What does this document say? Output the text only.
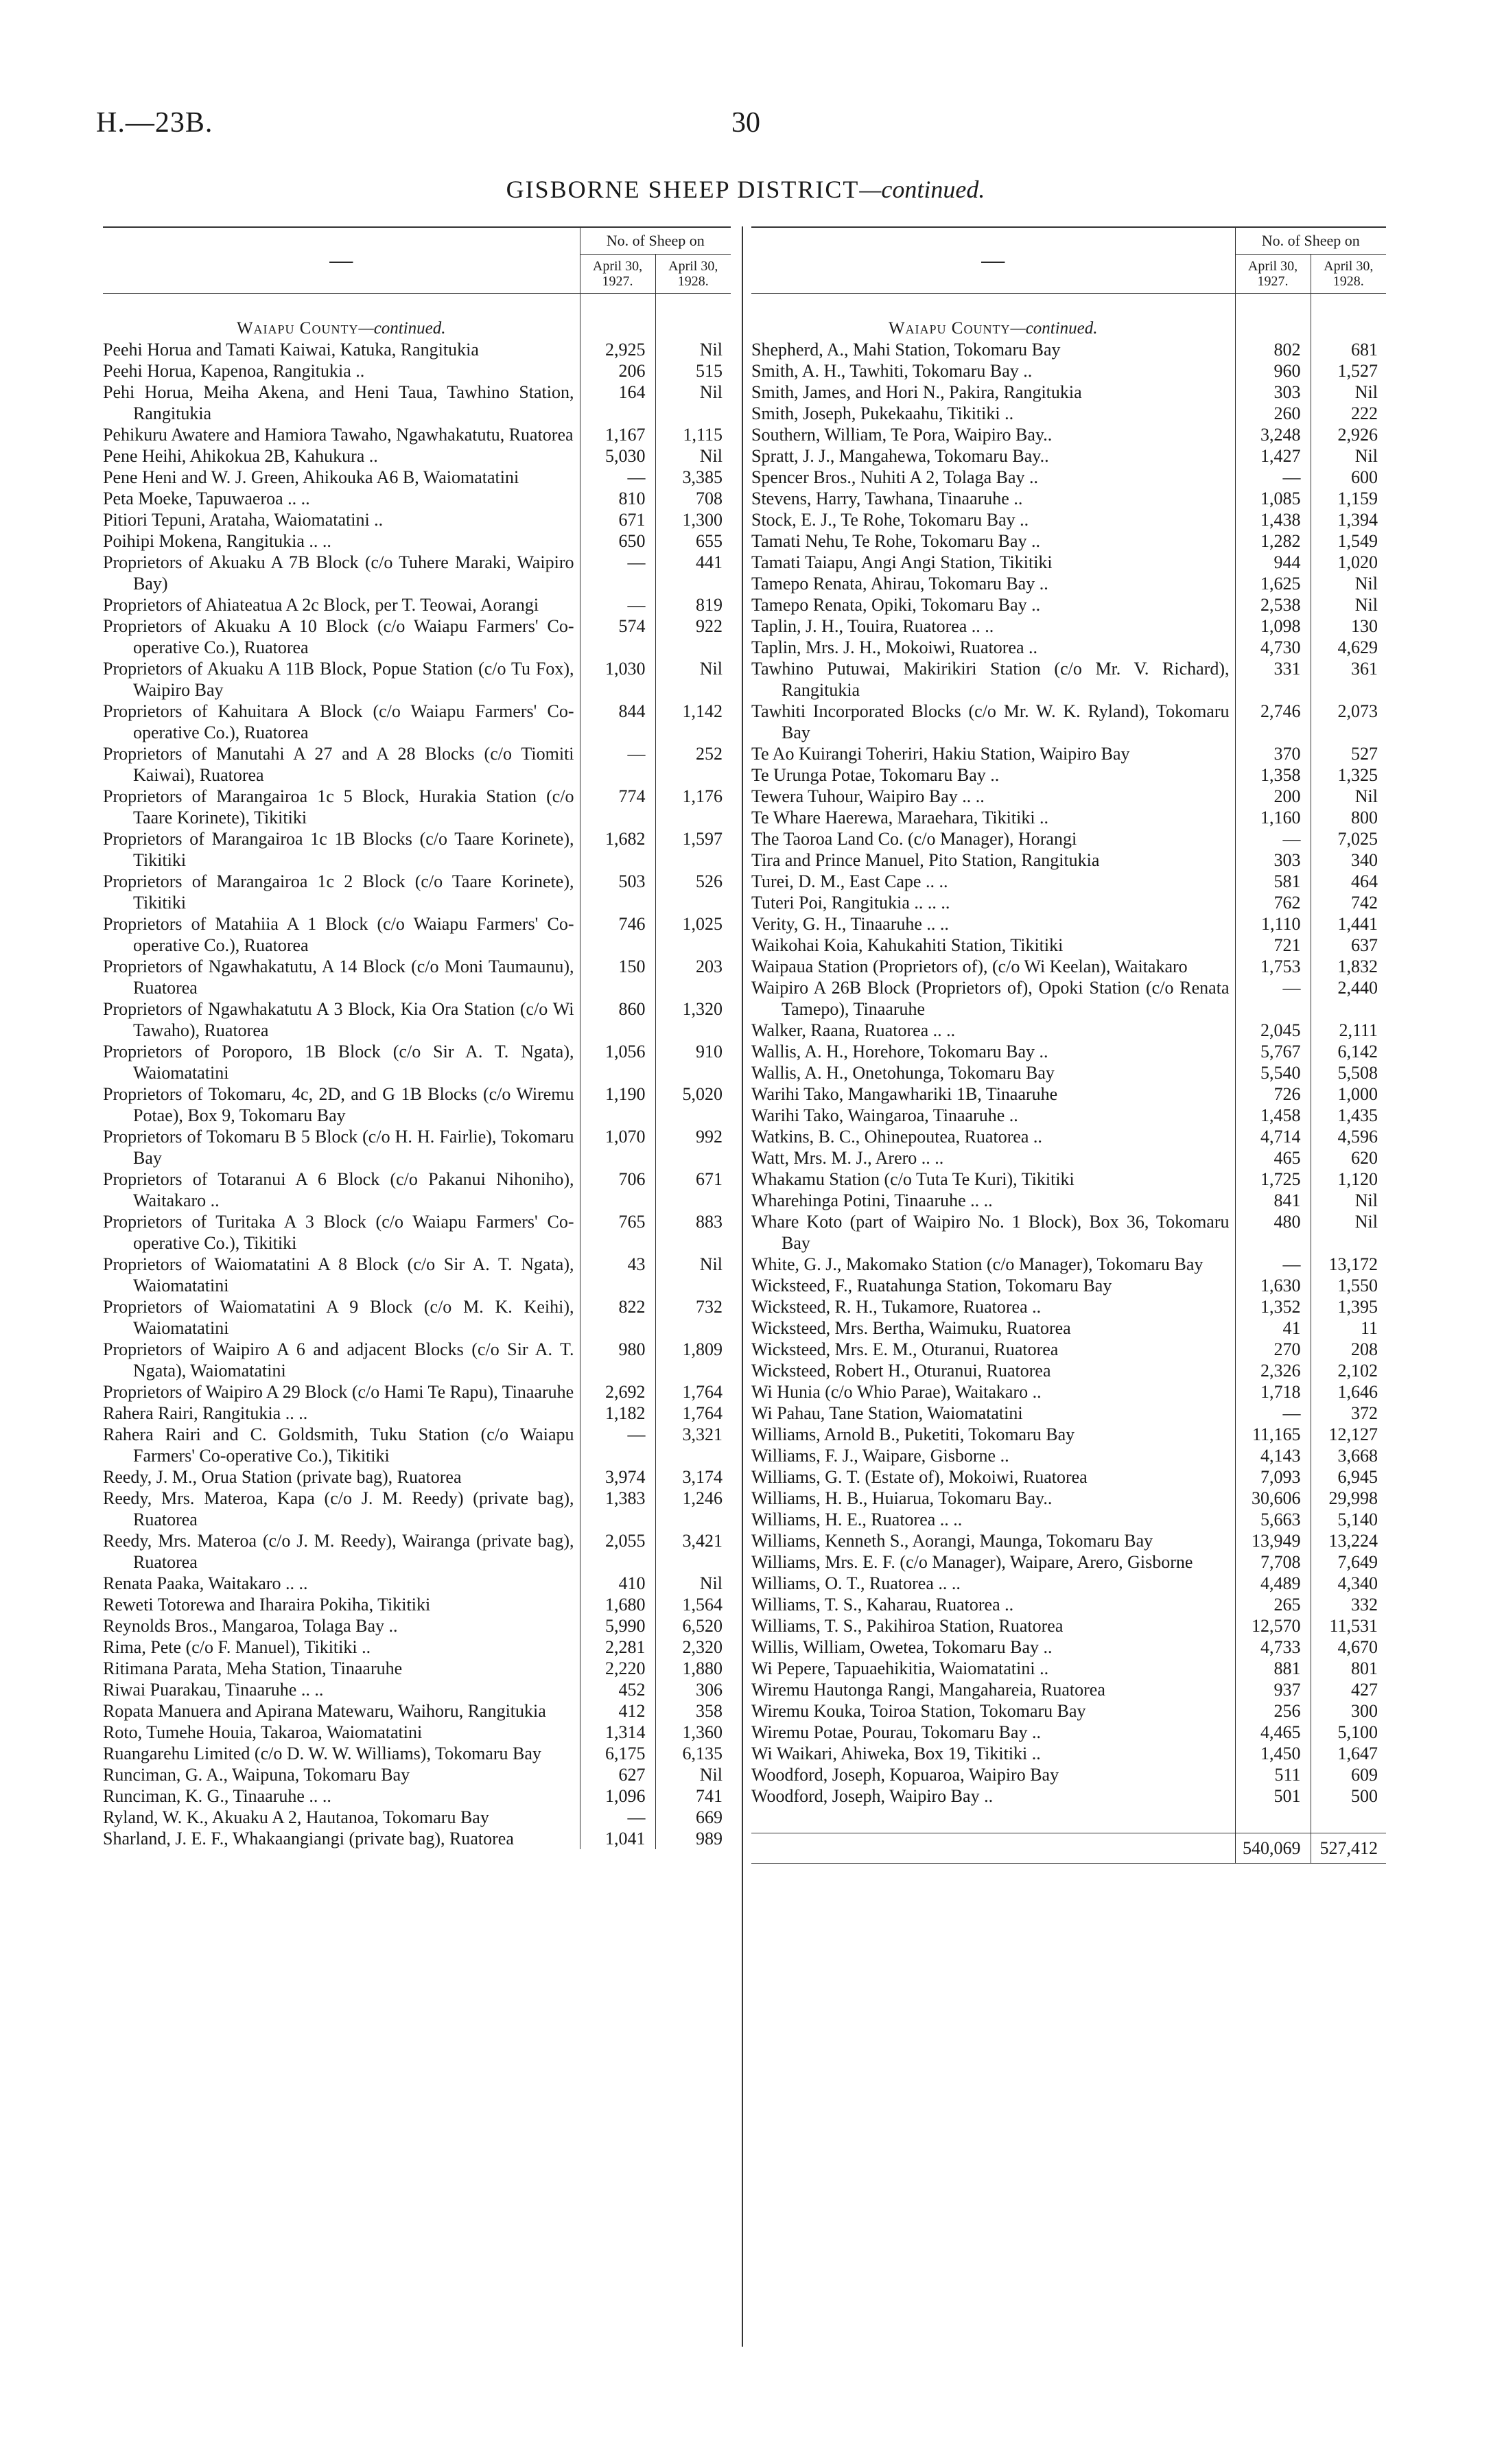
H.—23B.	30
GISBORNE SHEEP DISTRICT—continued.
—	No. of Sheep on	
	April 30, 1927.	April 30, 1928.

Waiapu County—continued.		
Peehi Horua and Tamati Kaiwai, Katuka, Rangitukia	2,925	Nil
Peehi Horua, Kapenoa, Rangitukia ..	206	515
Pehi Horua, Meiha Akena, and Heni Taua, Tawhino Station, Rangitukia	164	Nil
Pehikuru Awatere and Hamiora Tawaho, Ngawhakatutu, Ruatorea	1,167	1,115
Pene Heihi, Ahikokua 2B, Kahukura ..	5,030	Nil
Pene Heni and W. J. Green, Ahikouka A6 B, Waiomatatini	—	3,385
Peta Moeke, Tapuwaeroa .. ..	810	708
Pitiori Tepuni, Arataha, Waiomatatini ..	671	1,300
Poihipi Mokena, Rangitukia .. ..	650	655
Proprietors of Akuaku A 7B Block (c/o Tuhere Maraki, Waipiro Bay)	—	441
Proprietors of Ahiateatua A 2c Block, per T. Teowai, Aorangi	—	819
Proprietors of Akuaku A 10 Block (c/o Waiapu Farmers' Co-operative Co.), Ruatorea	574	922
Proprietors of Akuaku A 11B Block, Popue Station (c/o Tu Fox), Waipiro Bay	1,030	Nil
Proprietors of Kahuitara A Block (c/o Waiapu Farmers' Co-operative Co.), Ruatorea	844	1,142
Proprietors of Manutahi A 27 and A 28 Blocks (c/o Tiomiti Kaiwai), Ruatorea	—	252
Proprietors of Marangairoa 1c 5 Block, Hurakia Station (c/o Taare Korinete), Tikitiki	774	1,176
Proprietors of Marangairoa 1c 1B Blocks (c/o Taare Korinete), Tikitiki	1,682	1,597
Proprietors of Marangairoa 1c 2 Block (c/o Taare Korinete), Tikitiki	503	526
Proprietors of Matahiia A 1 Block (c/o Waiapu Farmers' Co-operative Co.), Ruatorea	746	1,025
Proprietors of Ngawhakatutu, A 14 Block (c/o Moni Taumaunu), Ruatorea	150	203
Proprietors of Ngawhakatutu A 3 Block, Kia Ora Station (c/o Wi Tawaho), Ruatorea	860	1,320
Proprietors of Poroporo, 1B Block (c/o Sir A. T. Ngata), Waiomatatini	1,056	910
Proprietors of Tokomaru, 4c, 2D, and G 1B Blocks (c/o Wiremu Potae), Box 9, Tokomaru Bay	1,190	5,020
Proprietors of Tokomaru B 5 Block (c/o H. H. Fairlie), Tokomaru Bay	1,070	992
Proprietors of Totaranui A 6 Block (c/o Pakanui Nihoniho), Waitakaro ..	706	671
Proprietors of Turitaka A 3 Block (c/o Waiapu Farmers' Co-operative Co.), Tikitiki	765	883
Proprietors of Waiomatatini A 8 Block (c/o Sir A. T. Ngata), Waiomatatini	43	Nil
Proprietors of Waiomatatini A 9 Block (c/o M. K. Keihi), Waiomatatini	822	732
Proprietors of Waipiro A 6 and adjacent Blocks (c/o Sir A. T. Ngata), Waiomatatini	980	1,809
Proprietors of Waipiro A 29 Block (c/o Hami Te Rapu), Tinaaruhe	2,692	1,764
Rahera Rairi, Rangitukia .. ..	1,182	1,764
Rahera Rairi and C. Goldsmith, Tuku Station (c/o Waiapu Farmers' Co-operative Co.), Tikitiki	—	3,321
Reedy, J. M., Orua Station (private bag), Ruatorea	3,974	3,174
Reedy, Mrs. Materoa, Kapa (c/o J. M. Reedy) (private bag), Ruatorea	1,383	1,246
Reedy, Mrs. Materoa (c/o J. M. Reedy), Wairanga (private bag), Ruatorea	2,055	3,421
Renata Paaka, Waitakaro .. ..	410	Nil
Reweti Totorewa and Iharaira Pokiha, Tikitiki	1,680	1,564
Reynolds Bros., Mangaroa, Tolaga Bay ..	5,990	6,520
Rima, Pete (c/o F. Manuel), Tikitiki ..	2,281	2,320
Ritimana Parata, Meha Station, Tinaaruhe	2,220	1,880
Riwai Puarakau, Tinaaruhe .. ..	452	306
Ropata Manuera and Apirana Matewaru, Waihoru, Rangitukia	412	358
Roto, Tumehe Houia, Takaroa, Waiomatatini	1,314	1,360
Ruangarehu Limited (c/o D. W. W. Williams), Tokomaru Bay	6,175	6,135
Runciman, G. A., Waipuna, Tokomaru Bay	627	Nil
Runciman, K. G., Tinaaruhe .. ..	1,096	741
Ryland, W. K., Akuaku A 2, Hautanoa, Tokomaru Bay	—	669
Sharland, J. E. F., Whakaangiangi (private bag), Ruatorea	1,041	989
—	No. of Sheep on	
	April 30, 1927.	April 30, 1928.

Waiapu County—continued.		
Shepherd, A., Mahi Station, Tokomaru Bay	802	681
Smith, A. H., Tawhiti, Tokomaru Bay ..	960	1,527
Smith, James, and Hori N., Pakira, Rangitukia	303	Nil
Smith, Joseph, Pukekaahu, Tikitiki ..	260	222
Southern, William, Te Pora, Waipiro Bay..	3,248	2,926
Spratt, J. J., Mangahewa, Tokomaru Bay..	1,427	Nil
Spencer Bros., Nuhiti A 2, Tolaga Bay ..	—	600
Stevens, Harry, Tawhana, Tinaaruhe ..	1,085	1,159
Stock, E. J., Te Rohe, Tokomaru Bay ..	1,438	1,394
Tamati Nehu, Te Rohe, Tokomaru Bay ..	1,282	1,549
Tamati Taiapu, Angi Angi Station, Tikitiki	944	1,020
Tamepo Renata, Ahirau, Tokomaru Bay ..	1,625	Nil
Tamepo Renata, Opiki, Tokomaru Bay ..	2,538	Nil
Taplin, J. H., Touira, Ruatorea .. ..	1,098	130
Taplin, Mrs. J. H., Mokoiwi, Ruatorea ..	4,730	4,629
Tawhino Putuwai, Makirikiri Station (c/o Mr. V. Richard), Rangitukia	331	361
Tawhiti Incorporated Blocks (c/o Mr. W. K. Ryland), Tokomaru Bay	2,746	2,073
Te Ao Kuirangi Toheriri, Hakiu Station, Waipiro Bay	370	527
Te Urunga Potae, Tokomaru Bay ..	1,358	1,325
Tewera Tuhour, Waipiro Bay .. ..	200	Nil
Te Whare Haerewa, Maraehara, Tikitiki ..	1,160	800
The Taoroa Land Co. (c/o Manager), Horangi	—	7,025
Tira and Prince Manuel, Pito Station, Rangitukia	303	340
Turei, D. M., East Cape .. ..	581	464
Tuteri Poi, Rangitukia .. .. ..	762	742
Verity, G. H., Tinaaruhe .. ..	1,110	1,441
Waikohai Koia, Kahukahiti Station, Tikitiki	721	637
Waipaua Station (Proprietors of), (c/o Wi Keelan), Waitakaro	1,753	1,832
Waipiro A 26B Block (Proprietors of), Opoki Station (c/o Renata Tamepo), Tinaaruhe	—	2,440
Walker, Raana, Ruatorea .. ..	2,045	2,111
Wallis, A. H., Horehore, Tokomaru Bay ..	5,767	6,142
Wallis, A. H., Onetohunga, Tokomaru Bay	5,540	5,508
Warihi Tako, Mangawhariki 1B, Tinaaruhe	726	1,000
Warihi Tako, Waingaroa, Tinaaruhe ..	1,458	1,435
Watkins, B. C., Ohinepoutea, Ruatorea ..	4,714	4,596
Watt, Mrs. M. J., Arero .. ..	465	620
Whakamu Station (c/o Tuta Te Kuri), Tikitiki	1,725	1,120
Wharehinga Potini, Tinaaruhe .. ..	841	Nil
Whare Koto (part of Waipiro No. 1 Block), Box 36, Tokomaru Bay	480	Nil
White, G. J., Makomako Station (c/o Manager), Tokomaru Bay	—	13,172
Wicksteed, F., Ruatahunga Station, Tokomaru Bay	1,630	1,550
Wicksteed, R. H., Tukamore, Ruatorea ..	1,352	1,395
Wicksteed, Mrs. Bertha, Waimuku, Ruatorea	41	11
Wicksteed, Mrs. E. M., Oturanui, Ruatorea	270	208
Wicksteed, Robert H., Oturanui, Ruatorea	2,326	2,102
Wi Hunia (c/o Whio Parae), Waitakaro ..	1,718	1,646
Wi Pahau, Tane Station, Waiomatatini	—	372
Williams, Arnold B., Puketiti, Tokomaru Bay	11,165	12,127
Williams, F. J., Waipare, Gisborne ..	4,143	3,668
Williams, G. T. (Estate of), Mokoiwi, Ruatorea	7,093	6,945
Williams, H. B., Huiarua, Tokomaru Bay..	30,606	29,998
Williams, H. E., Ruatorea .. ..	5,663	5,140
Williams, Kenneth S., Aorangi, Maunga, Tokomaru Bay	13,949	13,224
Williams, Mrs. E. F. (c/o Manager), Waipare, Arero, Gisborne	7,708	7,649
Williams, O. T., Ruatorea .. ..	4,489	4,340
Williams, T. S., Kaharau, Ruatorea ..	265	332
Williams, T. S., Pakihiroa Station, Ruatorea	12,570	11,531
Willis, William, Owetea, Tokomaru Bay ..	4,733	4,670
Wi Pepere, Tapuaehikitia, Waiomatatini ..	881	801
Wiremu Hautonga Rangi, Mangahareia, Ruatorea	937	427
Wiremu Kouka, Toiroa Station, Tokomaru Bay	256	300
Wiremu Potae, Pourau, Tokomaru Bay ..	4,465	5,100
Wi Waikari, Ahiweka, Box 19, Tikitiki ..	1,450	1,647
Woodford, Joseph, Kopuaroa, Waipiro Bay	511	609
Woodford, Joseph, Waipiro Bay ..	501	500

	540,069	527,412
